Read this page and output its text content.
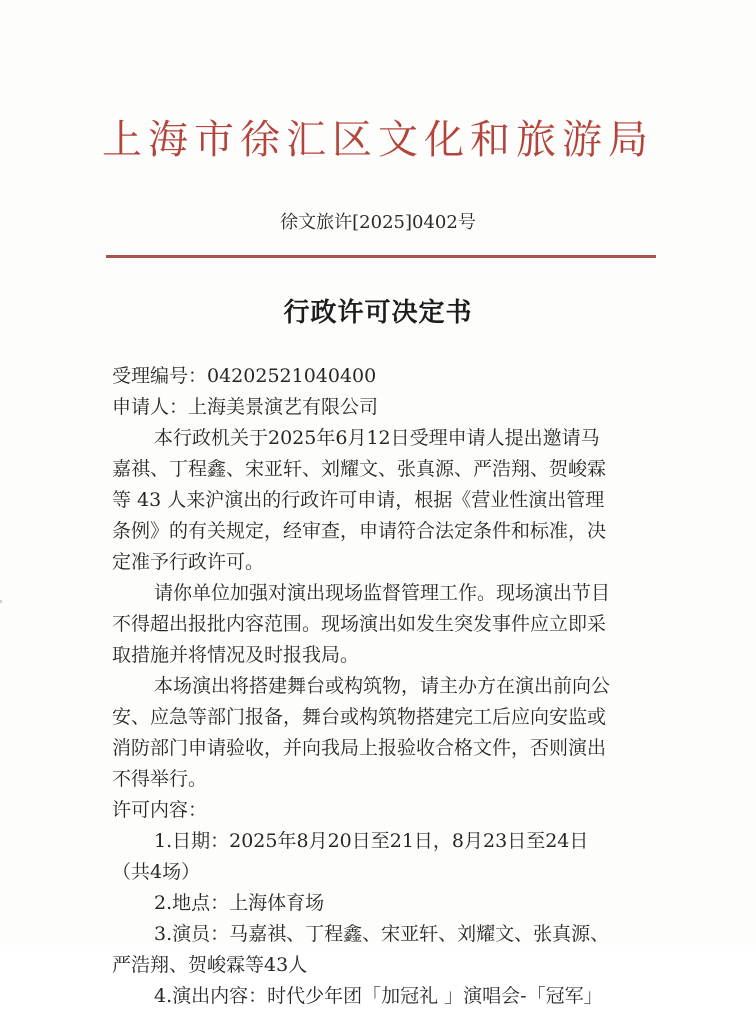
上海市徐汇区文化和旅游局
徐文旅许[2025]0402号
行政许可决定书
受理编号：04202521040400
申请人：上海美景演艺有限公司
本行政机关于2025年6月12日受理申请人提出邀请马
嘉祺、丁程鑫、宋亚轩、刘耀文、张真源、严浩翔、贺峻霖
等 43 人来沪演出的行政许可申请，根据《营业性演出管理
条例》的有关规定，经审查，申请符合法定条件和标准，决
定准予行政许可。
请你单位加强对演出现场监督管理工作。现场演出节目
不得超出报批内容范围。现场演出如发生突发事件应立即采
取措施并将情况及时报我局。
本场演出将搭建舞台或构筑物，请主办方在演出前向公
安、应急等部门报备，舞台或构筑物搭建完工后应向安监或
消防部门申请验收，并向我局上报验收合格文件，否则演出
不得举行。
许可内容：
1.日期：2025年8月20日至21日，8月23日至24日
（共4场）
2.地点：上海体育场
3.演员：马嘉祺、丁程鑫、宋亚轩、刘耀文、张真源、
严浩翔、贺峻霖等43人
4.演出内容：时代少年团「加冠礼 」演唱会-「冠军」
